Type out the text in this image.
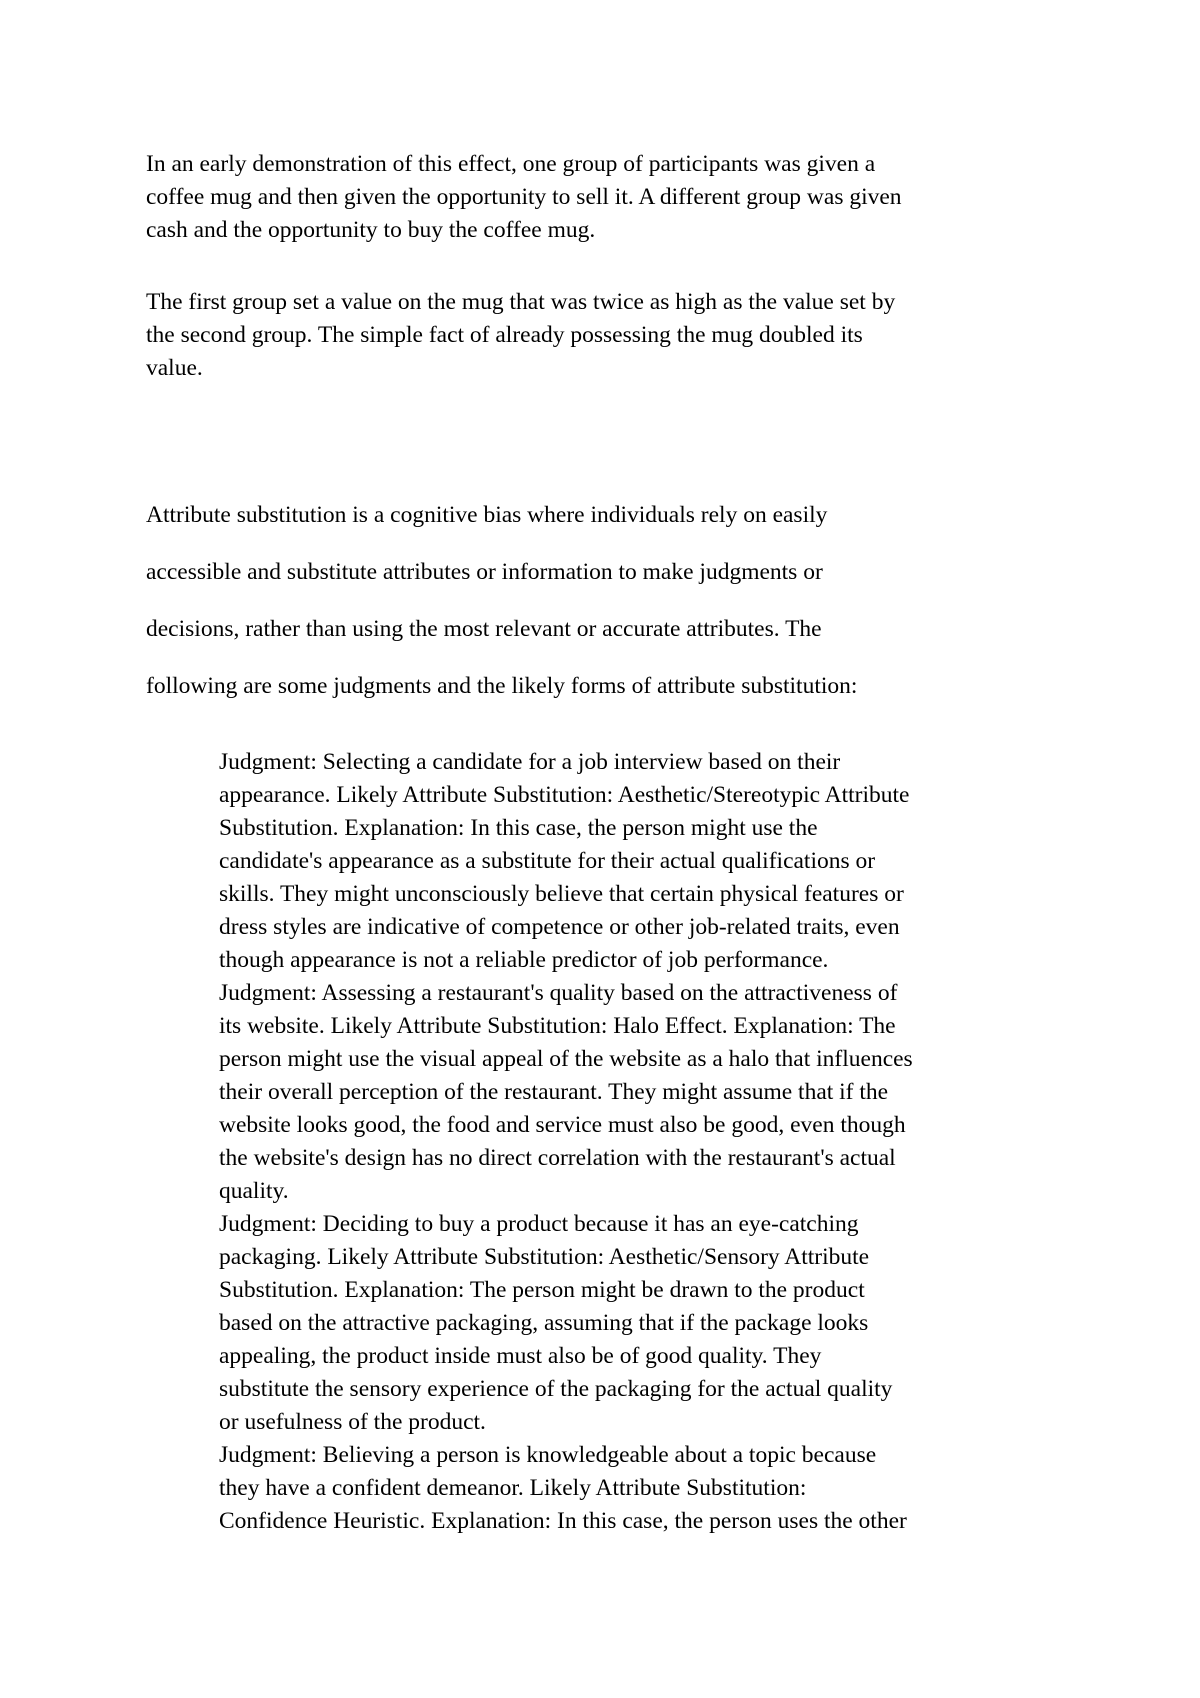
In an early demonstration of this effect, one group of participants was given a
coffee mug and then given the opportunity to sell it. A different group was given
cash and the opportunity to buy the coffee mug.

The first group set a value on the mug that was twice as high as the value set by
the second group. The simple fact of already possessing the mug doubled its
value.

Attribute substitution is a cognitive bias where individuals rely on easily
accessible and substitute attributes or information to make judgments or
decisions, rather than using the most relevant or accurate attributes. The
following are some judgments and the likely forms of attribute substitution:

Judgment: Selecting a candidate for a job interview based on their
appearance. Likely Attribute Substitution: Aesthetic/Stereotypic Attribute
Substitution. Explanation: In this case, the person might use the
candidate's appearance as a substitute for their actual qualifications or
skills. They might unconsciously believe that certain physical features or
dress styles are indicative of competence or other job-related traits, even
though appearance is not a reliable predictor of job performance.
Judgment: Assessing a restaurant's quality based on the attractiveness of
its website. Likely Attribute Substitution: Halo Effect. Explanation: The
person might use the visual appeal of the website as a halo that influences
their overall perception of the restaurant. They might assume that if the
website looks good, the food and service must also be good, even though
the website's design has no direct correlation with the restaurant's actual
quality.
Judgment: Deciding to buy a product because it has an eye-catching
packaging. Likely Attribute Substitution: Aesthetic/Sensory Attribute
Substitution. Explanation: The person might be drawn to the product
based on the attractive packaging, assuming that if the package looks
appealing, the product inside must also be of good quality. They
substitute the sensory experience of the packaging for the actual quality
or usefulness of the product.
Judgment: Believing a person is knowledgeable about a topic because
they have a confident demeanor. Likely Attribute Substitution:
Confidence Heuristic. Explanation: In this case, the person uses the other
